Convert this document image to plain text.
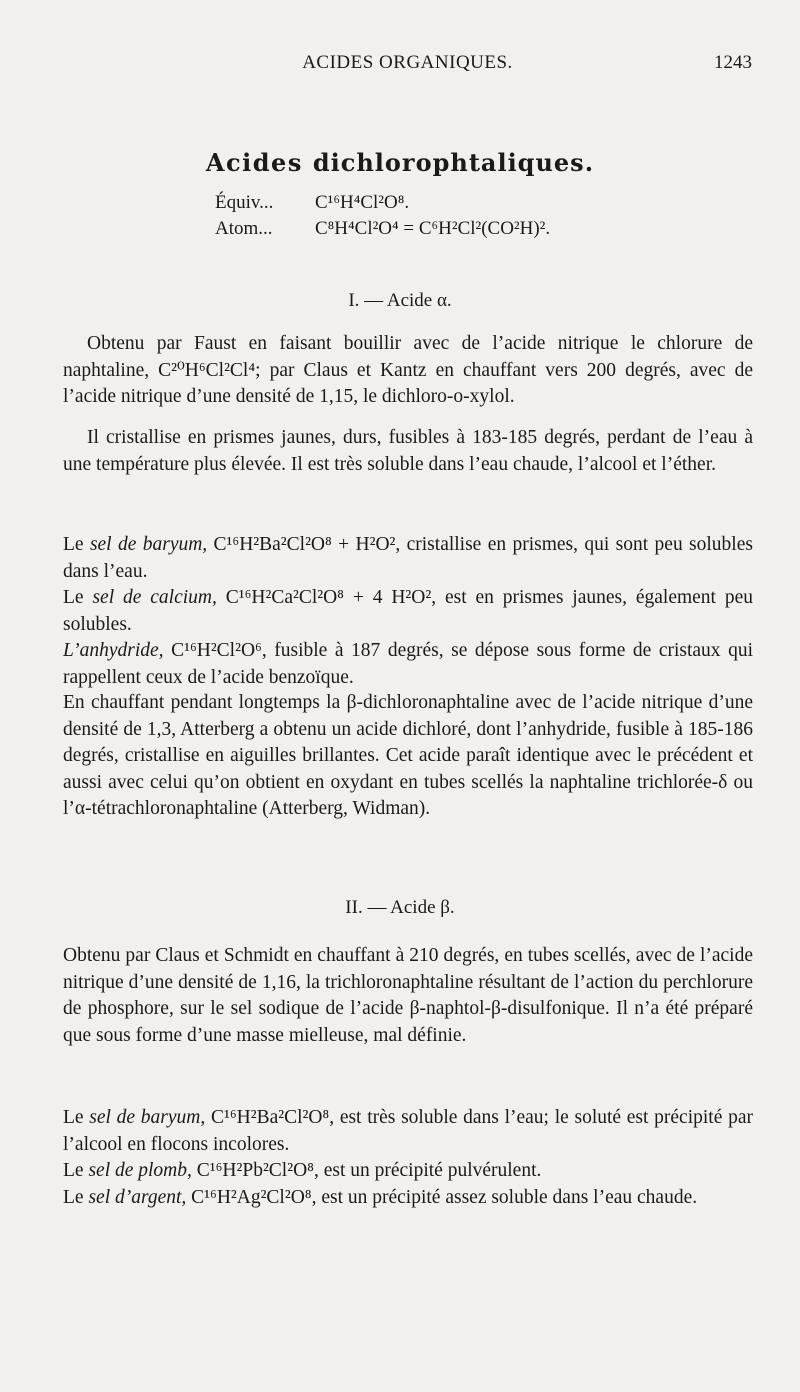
ACIDES ORGANIQUES.	1243
Acides dichlorophtaliques.
Équiv... C¹⁶H⁴Cl²O⁸.
Atom... C⁸H⁴Cl²O⁴ = C⁶H²Cl²(CO²H)².
I. — Acide α.

Obtenu par Faust en faisant bouillir avec de l’acide nitrique le chlorure de naphtaline, C²⁰H⁶Cl²Cl⁴; par Claus et Kantz en chauffant vers 200 degrés, avec de l’acide nitrique d’une densité de 1,15, le dichloro-o-xylol.

Il cristallise en prismes jaunes, durs, fusibles à 183-185 degrés, perdant de l’eau à une température plus élevée. Il est très soluble dans l’eau chaude, l’alcool et l’éther.

Le sel de baryum, C¹⁶H²Ba²Cl²O⁸ + H²O², cristallise en prismes, qui sont peu solubles dans l’eau.

Le sel de calcium, C¹⁶H²Ca²Cl²O⁸ + 4 H²O², est en prismes jaunes, également peu solubles.

L’anhydride, C¹⁶H²Cl²O⁶, fusible à 187 degrés, se dépose sous forme de cristaux qui rappellent ceux de l’acide benzoïque.

En chauffant pendant longtemps la β-dichloronaphtaline avec de l’acide nitrique d’une densité de 1,3, Atterberg a obtenu un acide dichloré, dont l’anhydride, fusible à 185-186 degrés, cristallise en aiguilles brillantes. Cet acide paraît identique avec le précédent et aussi avec celui qu’on obtient en oxydant en tubes scellés la naphtaline trichlorée-δ ou l’α-tétrachloronaphtaline (Atterberg, Widman).

II. — Acide β.

Obtenu par Claus et Schmidt en chauffant à 210 degrés, en tubes scellés, avec de l’acide nitrique d’une densité de 1,16, la trichloronaphtaline résultant de l’action du perchlorure de phosphore, sur le sel sodique de l’acide β-naphtol-β-disulfonique. Il n’a été préparé que sous forme d’une masse mielleuse, mal définie.

Le sel de baryum, C¹⁶H²Ba²Cl²O⁸, est très soluble dans l’eau; le soluté est précipité par l’alcool en flocons incolores.

Le sel de plomb, C¹⁶H²Pb²Cl²O⁸, est un précipité pulvérulent.

Le sel d’argent, C¹⁶H²Ag²Cl²O⁸, est un précipité assez soluble dans l’eau chaude.
